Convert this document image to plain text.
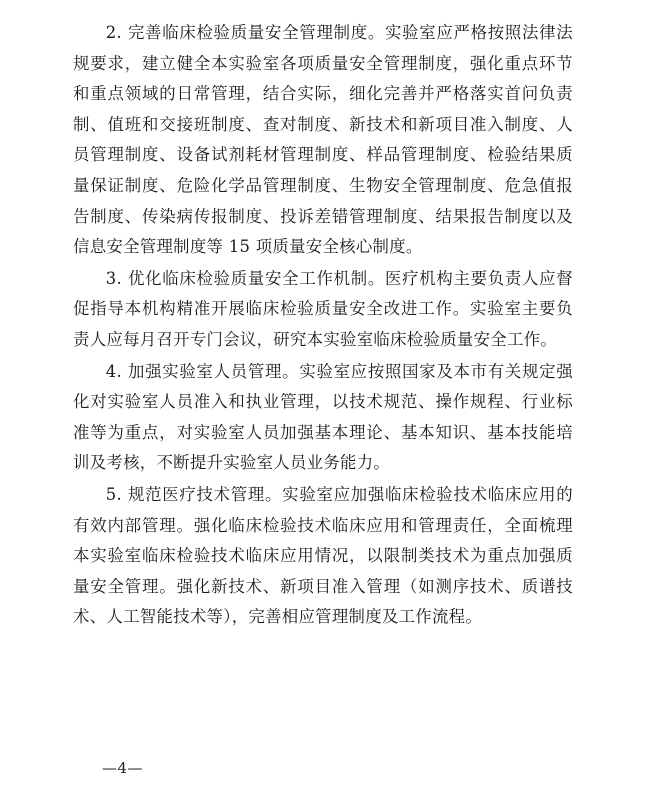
2. 完善临床检验质量安全管理制度。实验室应严格按照法律法规要求，建立健全本实验室各项质量安全管理制度，强化重点环节和重点领域的日常管理，结合实际，细化完善并严格落实首问负责制、值班和交接班制度、查对制度、新技术和新项目准入制度、人员管理制度、设备试剂耗材管理制度、样品管理制度、检验结果质量保证制度、危险化学品管理制度、生物安全管理制度、危急值报告制度、传染病传报制度、投诉差错管理制度、结果报告制度以及信息安全管理制度等 15 项质量安全核心制度。

3. 优化临床检验质量安全工作机制。医疗机构主要负责人应督促指导本机构精准开展临床检验质量安全改进工作。实验室主要负责人应每月召开专门会议，研究本实验室临床检验质量安全工作。

4. 加强实验室人员管理。实验室应按照国家及本市有关规定强化对实验室人员准入和执业管理，以技术规范、操作规程、行业标准等为重点，对实验室人员加强基本理论、基本知识、基本技能培训及考核，不断提升实验室人员业务能力。

5. 规范医疗技术管理。实验室应加强临床检验技术临床应用的有效内部管理。强化临床检验技术临床应用和管理责任，全面梳理本实验室临床检验技术临床应用情况，以限制类技术为重点加强质量安全管理。强化新技术、新项目准入管理（如测序技术、质谱技术、人工智能技术等），完善相应管理制度及工作流程。

—4—
